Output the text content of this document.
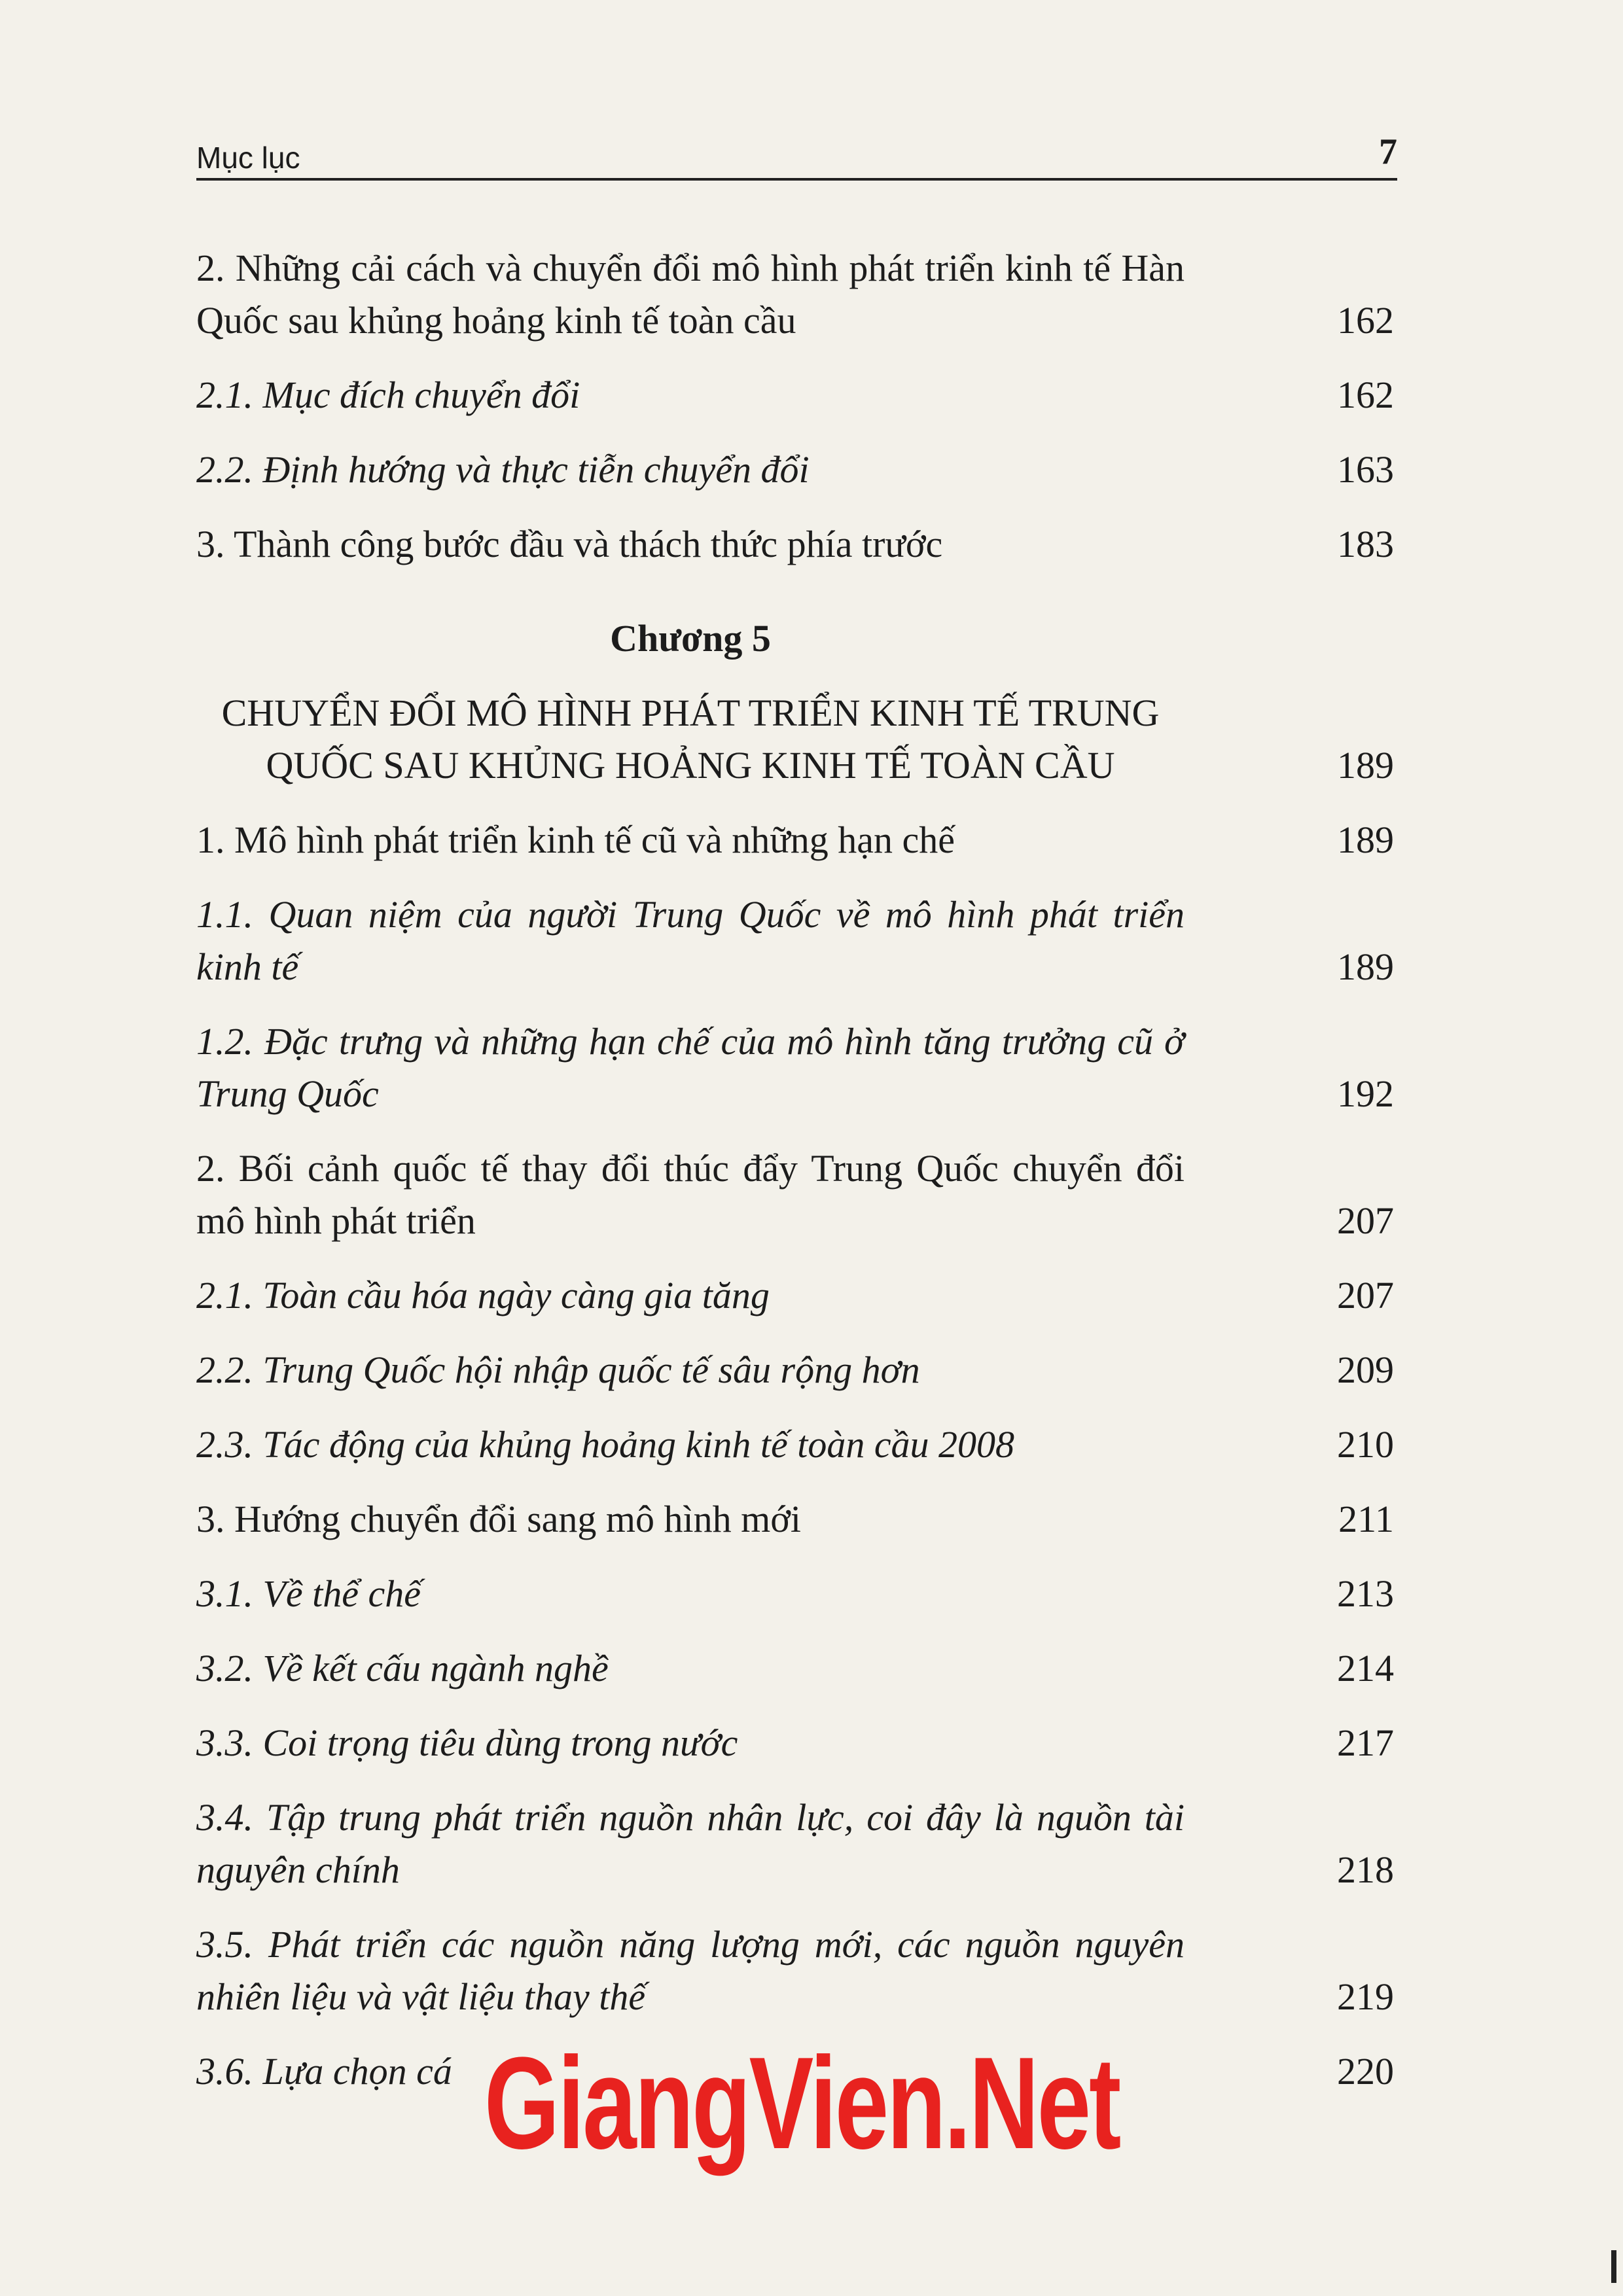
Mục lục	7
2. Những cải cách và chuyển đổi mô hình phát triển kinh tế Hàn Quốc sau khủng hoảng kinh tế toàn cầu	162
2.1. Mục đích chuyển đổi	162
2.2. Định hướng và thực tiễn chuyển đổi	163
3. Thành công bước đầu và thách thức phía trước	183
Chương 5
CHUYỂN ĐỔI MÔ HÌNH PHÁT TRIỂN KINH TẾ TRUNG QUỐC SAU KHỦNG HOẢNG KINH TẾ TOÀN CẦU	189
1. Mô hình phát triển kinh tế cũ và những hạn chế	189
1.1. Quan niệm của người Trung Quốc về mô hình phát triển kinh tế	189
1.2. Đặc trưng và những hạn chế của mô hình tăng trưởng cũ ở Trung Quốc	192
2. Bối cảnh quốc tế thay đổi thúc đẩy Trung Quốc chuyển đổi mô hình phát triển	207
2.1. Toàn cầu hóa ngày càng gia tăng	207
2.2. Trung Quốc hội nhập quốc tế sâu rộng hơn	209
2.3. Tác động của khủng hoảng kinh tế toàn cầu 2008	210
3. Hướng chuyển đổi sang mô hình mới	211
3.1. Về thể chế	213
3.2. Về kết cấu ngành nghề	214
3.3. Coi trọng tiêu dùng trong nước	217
3.4. Tập trung phát triển nguồn nhân lực, coi đây là nguồn tài nguyên chính	218
3.5. Phát triển các nguồn năng lượng mới, các nguồn nguyên nhiên liệu và vật liệu thay thế	219
3.6. Lựa chọn cá	220
GiangVien.Net
